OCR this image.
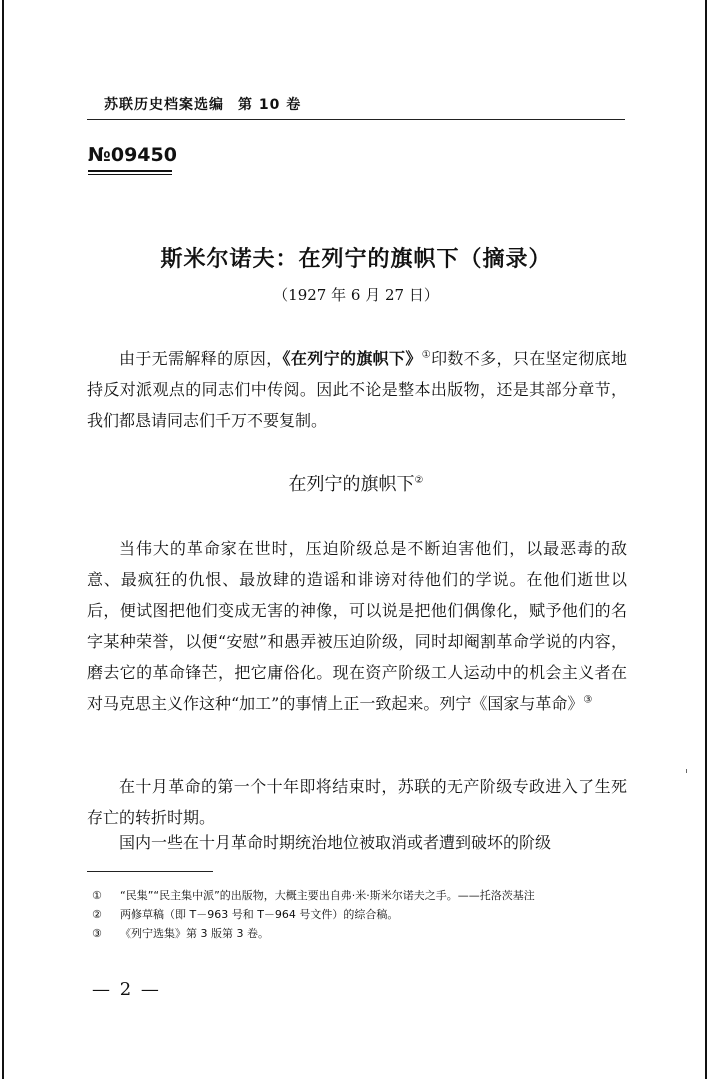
苏联历史档案选编 第 10 卷
№09450
斯米尔诺夫：在列宁的旗帜下（摘录）
（1927 年 6 月 27 日）

由于无需解释的原因，《在列宁的旗帜下》①印数不多，只在坚定彻底地持反对派观点的同志们中传阅。因此不论是整本出版物，还是其部分章节，我们都恳请同志们千万不要复制。

在列宁的旗帜下②

当伟大的革命家在世时，压迫阶级总是不断迫害他们，以最恶毒的敌意、最疯狂的仇恨、最放肆的造谣和诽谤对待他们的学说。在他们逝世以后，便试图把他们变成无害的神像，可以说是把他们偶像化，赋予他们的名字某种荣誉，以便“安慰”和愚弄被压迫阶级，同时却阉割革命学说的内容，磨去它的革命锋芒，把它庸俗化。现在资产阶级工人运动中的机会主义者在对马克思主义作这种“加工”的事情上正一致起来。列宁《国家与革命》③

在十月革命的第一个十年即将结束时，苏联的无产阶级专政进入了生死存亡的转折时期。

国内一些在十月革命时期统治地位被取消或者遭到破坏的阶级

①	“民集”“民主集中派”的出版物，大概主要出自弗·米·斯米尔诺夫之手。——托洛茨基注
②	两修草稿（即 T－963 号和 T－964 号文件）的综合稿。
③	《列宁选集》第 3 版第 3 卷。
— 2 —
